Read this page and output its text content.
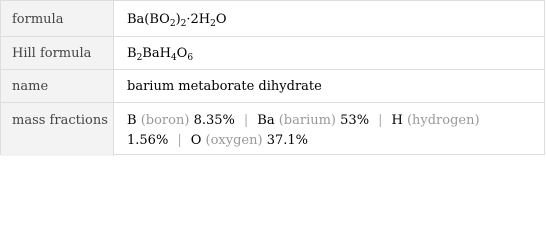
formula	$Ba(BO_2)_2\cdot 2H_2O$
Hill formula	$B_2BaH_4O_6$
name	barium metaborate dihydrate
mass fractions	B (boron) 8.35% | Ba (barium) 53% | H (hydrogen) 1.56% | O (oxygen) 37.1%
